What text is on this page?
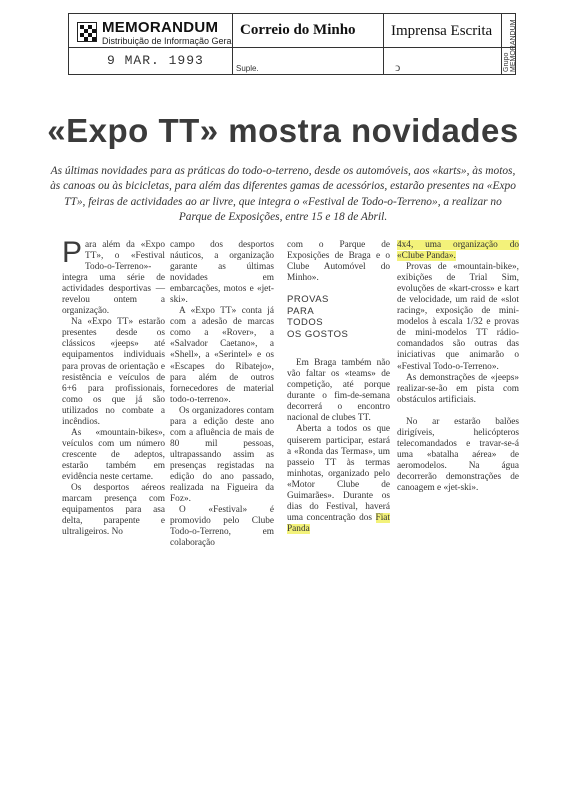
MEMORANDUM
Distribuição de Informação Geral
Correio do Minho Imprensa Escrita
Grupo MEMORANDUM
9 MAR. 1993
Suple.	ↄ
«Expo TT» mostra novidades
As últimas novidades para as práticas do todo-o-terreno, desde os automóveis, aos «karts», às motos, às canoas ou às bicicletas, para além das diferentes gamas de acessórios, estarão presentes na «Expo TT», feiras de actividades ao ar livre, que integra o «Festival de Todo-o-Terreno», a realizar no Parque de Exposições, entre 15 e 18 de Abril.

Para além da «Expo TT», o «Festival Todo-o-Terreno»-integra uma série de actividades desportivas — revelou ontem a organização.

Na «Expo TT» estarão presentes desde os clássicos «jeeps» até equipamentos individuais para provas de orientação e resistência e veículos de 6+6 para profissionais, como os que já são utilizados no combate a incêndios.

As «mountain-bikes», veículos com um número crescente de adeptos, estarão também em evidência neste certame.

Os desportos aéreos marcam presença com equipamentos para asa delta, parapente e ultraligeiros. No

campo dos desportos náuticos, a organização garante as últimas novidades em embarcações, motos e «jet-ski».

A «Expo TT» conta já com a adesão de marcas como a «Rover», a «Salvador Caetano», a «Shell», a «Serintel» e os «Escapes do Ribatejo», para além de outros fornecedores de material todo-o-terreno».

Os organizadores contam para a edição deste ano com a afluência de mais de 80 mil pessoas, ultrapassando assim as presenças registadas na edição do ano passado, realizada na Figueira da Foz».

O «Festival» é promovido pelo Clube Todo-o-Terreno, em colaboração

com o Parque de Exposições de Braga e o Clube Automóvel do Minho».

PROVAS
PARA
TODOS
OS GOSTOS

Em Braga também não vão faltar os «teams» de competição, até porque durante o fim-de-semana decorrerá o encontro nacional de clubes TT.

Aberta a todos os que quiserem participar, estará a «Ronda das Termas», um passeio TT às termas minhotas, organizado pelo «Motor Clube de Guimarães». Durante os dias do Festival, haverá uma concentração dos Fiat Panda

4x4, uma organização do «Clube Panda».

Provas de «mountain-bike», exibições de Trial Sim, evoluções de «kart-cross» e kart de velocidade, um raid de «slot racing», exposição de mini-modelos à escala 1/32 e provas de mini-modelos TT rádio-comandados são outras das iniciativas que animarão o «Festival Todo-o-Terreno».

As demonstrações de «jeeps» realizar-se-ão em pista com obstáculos artificiais.

No ar estarão balões dirigíveis, helicópteros telecomandados e travar-se-á uma «batalha aérea» de aeromodelos. Na água decorrerão demonstrações de canoagem e «jet-ski».
